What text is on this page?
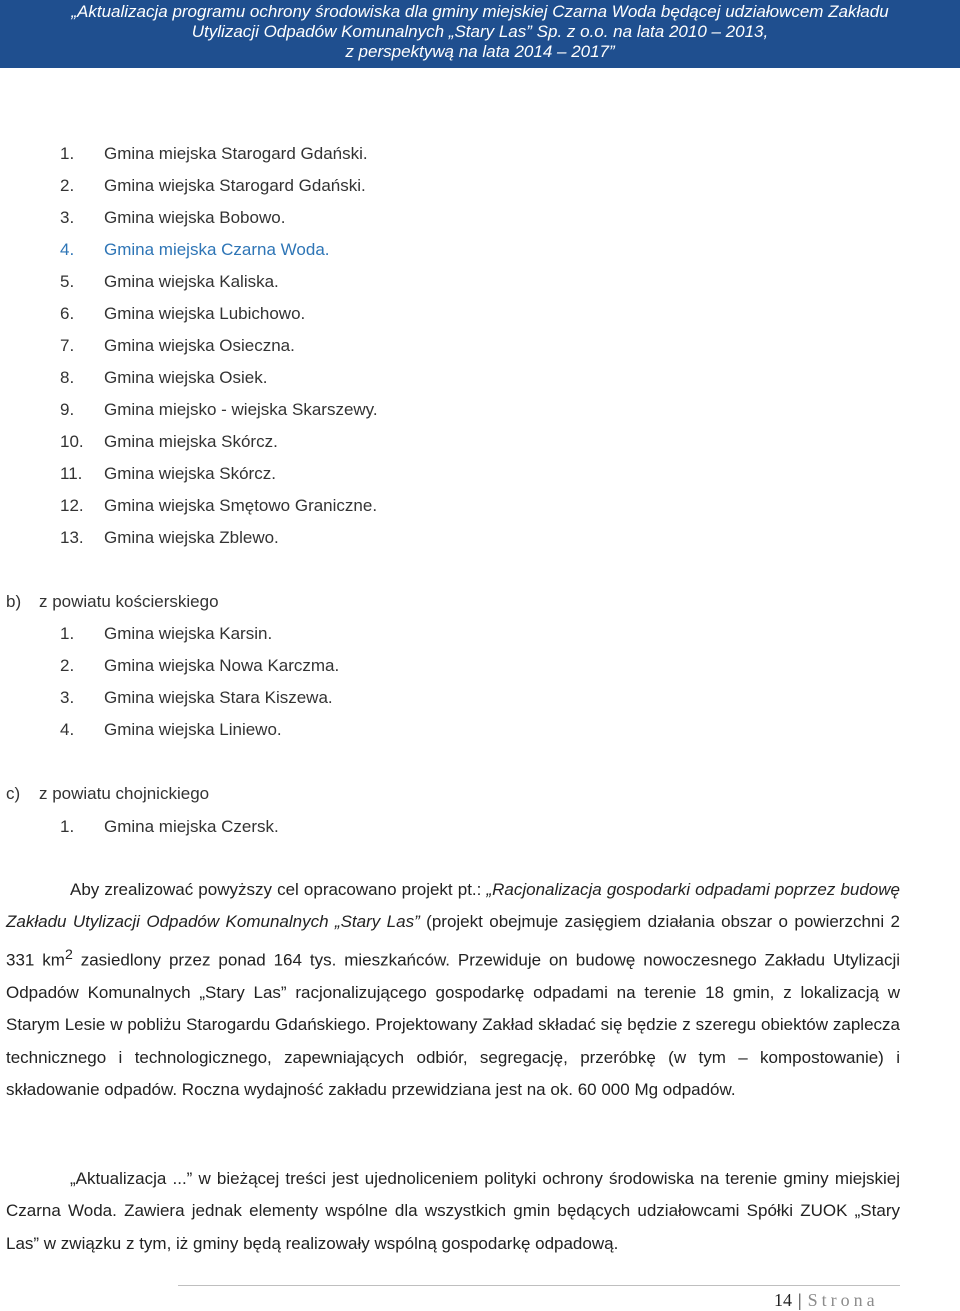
„Aktualizacja programu ochrony środowiska dla gminy miejskiej Czarna Woda będącej udziałowcem Zakładu
Utylizacji Odpadów Komunalnych „Stary Las” Sp. z o.o. na lata 2010 – 2013,
z perspektywą na lata 2014 – 2017”
1. Gmina miejska Starogard Gdański.
2. Gmina wiejska Starogard Gdański.
3. Gmina wiejska Bobowo.
4. Gmina miejska Czarna Woda.
5. Gmina wiejska Kaliska.
6. Gmina wiejska Lubichowo.
7. Gmina wiejska Osieczna.
8. Gmina wiejska Osiek.
9. Gmina miejsko - wiejska Skarszewy.
10. Gmina miejska Skórcz.
11. Gmina wiejska Skórcz.
12. Gmina wiejska Smętowo Graniczne.
13. Gmina wiejska Zblewo.
b) z powiatu kościerskiego
1. Gmina wiejska Karsin.
2. Gmina wiejska Nowa Karczma.
3. Gmina wiejska Stara Kiszewa.
4. Gmina wiejska Liniewo.
c) z powiatu chojnickiego
1. Gmina miejska Czersk.

Aby zrealizować powyższy cel opracowano projekt pt.: „Racjonalizacja gospodarki odpadami poprzez budowę Zakładu Utylizacji Odpadów Komunalnych „Stary Las” (projekt obejmuje zasięgiem działania obszar o powierzchni 2 331 $km^2$ zasiedlony przez ponad 164 tys. mieszkańców. Przewiduje on budowę nowoczesnego Zakładu Utylizacji Odpadów Komunalnych „Stary Las” racjonalizującego gospodarkę odpadami na terenie 18 gmin, z lokalizacją w Starym Lesie w pobliżu Starogardu Gdańskiego. Projektowany Zakład składać się będzie z szeregu obiektów zaplecza technicznego i technologicznego, zapewniających odbiór, segregację, przeróbkę (w tym – kompostowanie) i składowanie odpadów. Roczna wydajność zakładu przewidziana jest na ok. 60 000 Mg odpadów.

„Aktualizacja ...” w bieżącej treści jest ujednoliceniem polityki ochrony środowiska na terenie gminy miejskiej Czarna Woda. Zawiera jednak elementy wspólne dla wszystkich gmin będących udziałowcami Spółki ZUOK „Stary Las” w związku z tym, iż gminy będą realizowały wspólną gospodarkę odpadową.

14 | Strona
